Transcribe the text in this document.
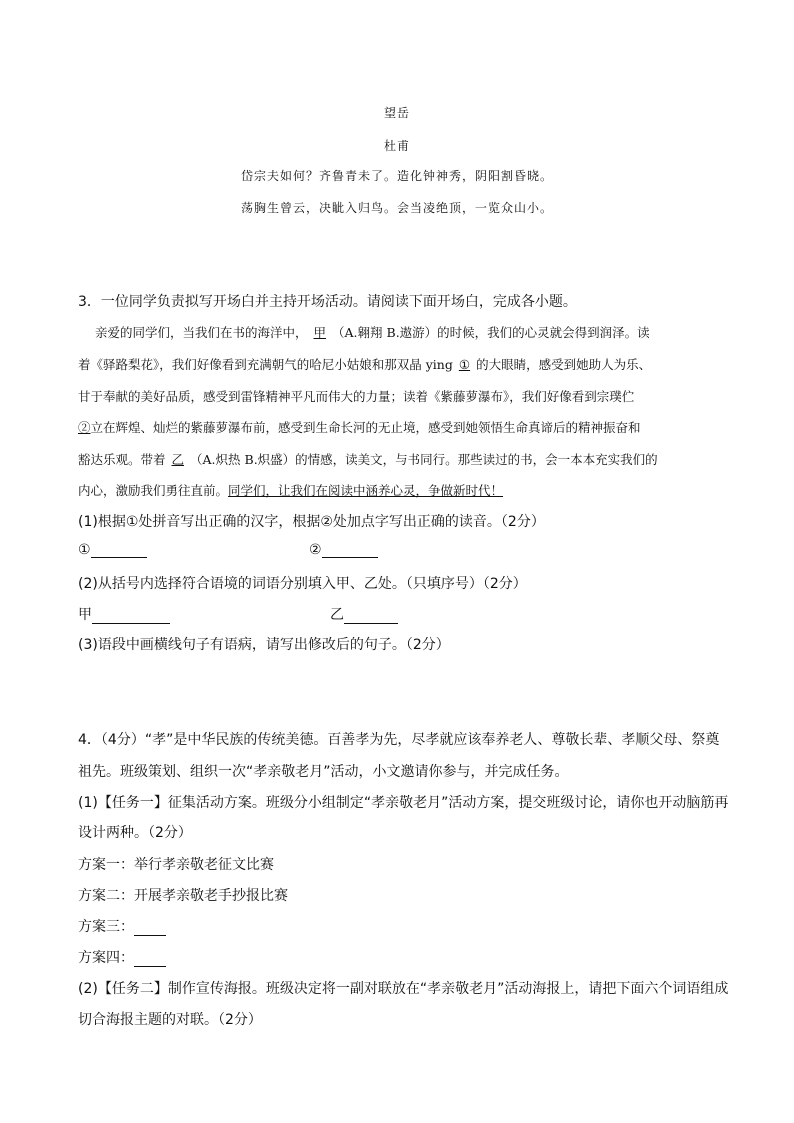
望岳
杜甫
岱宗夫如何？齐鲁青未了。造化钟神秀，阴阳割昏晓。
荡胸生曾云，决眦入归鸟。会当凌绝顶，一览众山小。
3．一位同学负责拟写开场白并主持开场活动。请阅读下面开场白，完成各小题。
亲爱的同学们，当我们在书的海洋中， 甲 （A.翱翔 B.遨游）的时候，我们的心灵就会得到润泽。读
着《驿路梨花》，我们好像看到充满朝气的哈尼小姑娘和那双晶 ying ① 的大眼睛，感受到她助人为乐、
甘于奉献的美好品质，感受到雷锋精神平凡而伟大的力量；读着《紫藤萝瀑布》，我们好像看到宗璞伫
②立在辉煌、灿烂的紫藤萝瀑布前，感受到生命长河的无止境，感受到她领悟生命真谛后的精神振奋和
豁达乐观。带着 乙 （A.炽热 B.炽盛）的情感，读美文，与书同行。那些读过的书，会一本本充实我们的
内心，激励我们勇往直前。同学们，让我们在阅读中涵养心灵，争做新时代！
(1)根据①处拼音写出正确的汉字，根据②处加点字写出正确的读音。（2分）
①	②
(2)从括号内选择符合语境的词语分别填入甲、乙处。（只填序号）（2分）
甲	乙
(3)语段中画横线句子有语病，请写出修改后的句子。（2分）
4．（4分）“孝”是中华民族的传统美德。百善孝为先，尽孝就应该奉养老人、尊敬长辈、孝顺父母、祭奠
祖先。班级策划、组织一次“孝亲敬老月”活动，小文邀请你参与，并完成任务。
(1)【任务一】征集活动方案。班级分小组制定“孝亲敬老月”活动方案，提交班级讨论，请你也开动脑筋再
设计两种。（2分）
方案一：举行孝亲敬老征文比赛
方案二：开展孝亲敬老手抄报比赛
方案三：
方案四：
(2)【任务二】制作宣传海报。班级决定将一副对联放在“孝亲敬老月”活动海报上，请把下面六个词语组成
切合海报主题的对联。（2分）
